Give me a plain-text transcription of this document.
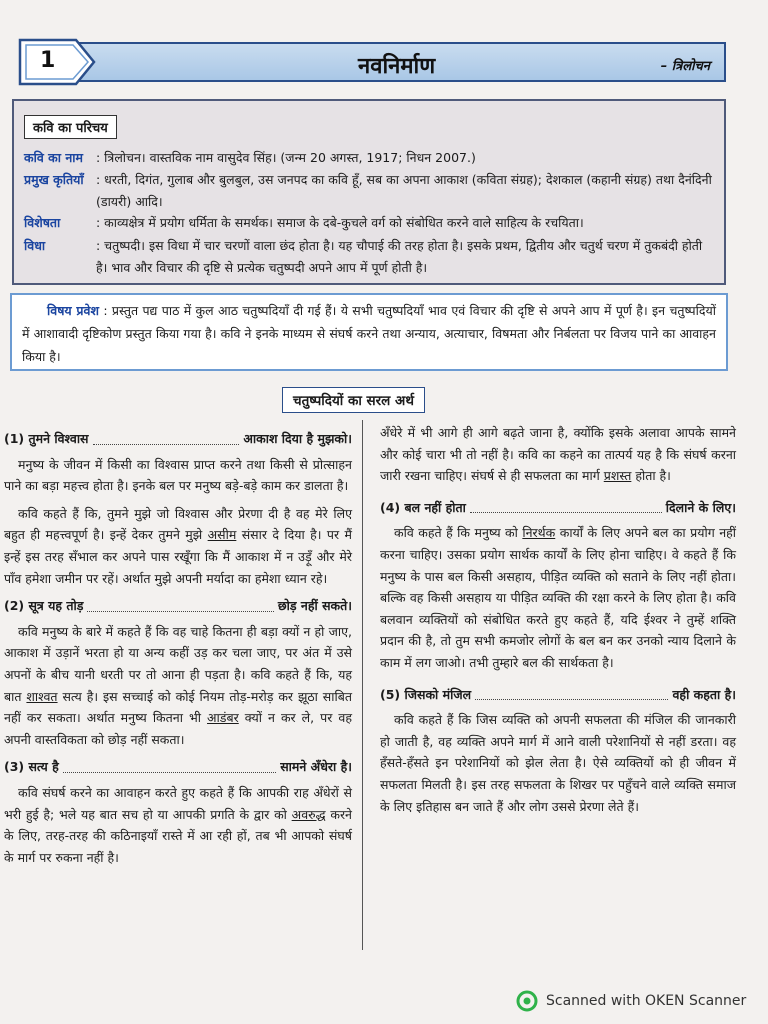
नवनिर्माण	– त्रिलोचन
1
कवि का परिचय
कवि का नाम : त्रिलोचन। वास्तविक नाम वासुदेव सिंह। (जन्म 20 अगस्त, 1917; निधन 2007.)
प्रमुख कृतियाँ : धरती, दिगंत, गुलाब और बुलबुल, उस जनपद का कवि हूँ, सब का अपना आकाश (कविता संग्रह); देशकाल (कहानी संग्रह) तथा दैनंदिनी (डायरी) आदि।
विशेषता	: काव्यक्षेत्र में प्रयोग धर्मिता के समर्थक। समाज के दबे-कुचले वर्ग को संबोधित करने वाले साहित्य के रचयिता।
विधा	: चतुष्पदी। इस विधा में चार चरणों वाला छंद होता है। यह चौपाई की तरह होता है। इसके प्रथम, द्वितीय और चतुर्थ चरण में तुकबंदी होती है। भाव और विचार की दृष्टि से प्रत्येक चतुष्पदी अपने आप में पूर्ण होती है।

  विषय प्रवेश : प्रस्तुत पद्य पाठ में कुल आठ चतुष्पदियाँ दी गई हैं। ये सभी चतुष्पदियाँ भाव एवं विचार की दृष्टि से अपने आप में पूर्ण है। इन चतुष्पदियों में आशावादी दृष्टिकोण प्रस्तुत किया गया है। कवि ने इनके माध्यम से संघर्ष करने तथा अन्याय, अत्याचार, विषमता और निर्बलता पर विजय पाने का आवाहन किया है।

चतुष्पदियों का सरल अर्थ
(1) तुमने विश्वास	आकाश दिया है मुझको।

मनुष्य के जीवन में किसी का विश्वास प्राप्त करने तथा किसी से प्रोत्साहन पाने का बड़ा महत्त्व होता है। इनके बल पर मनुष्य बड़े-बड़े काम कर डालता है।

कवि कहते हैं कि, तुमने मुझे जो विश्वास और प्रेरणा दी है वह मेरे लिए बहुत ही महत्त्वपूर्ण है। इन्हें देकर तुमने मुझे असीम संसार दे दिया है। पर मैं इन्हें इस तरह सँभाल कर अपने पास रखूँगा कि मैं आकाश में न उड़ूँ और मेरे पाँव हमेशा जमीन पर रहें। अर्थात मुझे अपनी मर्यादा का हमेशा ध्यान रहे।

(2) सूत्र यह तोड़	छोड़ नहीं सकते।

कवि मनुष्य के बारे में कहते हैं कि वह चाहे कितना ही बड़ा क्यों न हो जाए, आकाश में उड़ानें भरता हो या अन्य कहीं उड़ कर चला जाए, पर अंत में उसे अपनों के बीच यानी धरती पर तो आना ही पड़ता है। कवि कहते हैं कि, यह बात शाश्वत सत्य है। इस सच्चाई को कोई नियम तोड़-मरोड़ कर झूठा साबित नहीं कर सकता। अर्थात मनुष्य कितना भी आडंबर क्यों न कर ले, पर वह अपनी वास्तविकता को छोड़ नहीं सकता।

(3) सत्य है	सामने अँधेरा है।

कवि संघर्ष करने का आवाहन करते हुए कहते हैं कि आपकी राह अँधेरों से भरी हुई है; भले यह बात सच हो या आपकी प्रगति के द्वार को अवरुद्ध करने के लिए, तरह-तरह की कठिनाइयाँ रास्ते में आ रही हों, तब भी आपको संघर्ष के मार्ग पर रुकना नहीं है।

अँधेरे में भी आगे ही आगे बढ़ते जाना है, क्योंकि इसके अलावा आपके सामने और कोई चारा भी तो नहीं है। कवि का कहने का तात्पर्य यह है कि संघर्ष करना जारी रखना चाहिए। संघर्ष से ही सफलता का मार्ग प्रशस्त होता है।

(4) बल नहीं होता	दिलाने के लिए।

कवि कहते हैं कि मनुष्य को निरर्थक कार्यों के लिए अपने बल का प्रयोग नहीं करना चाहिए। उसका प्रयोग सार्थक कार्यों के लिए होना चाहिए। वे कहते हैं कि मनुष्य के पास बल किसी असहाय, पीड़ित व्यक्ति को सताने के लिए नहीं होता। बल्कि वह किसी असहाय या पीड़ित व्यक्ति की रक्षा करने के लिए होता है। कवि बलवान व्यक्तियों को संबोधित करते हुए कहते हैं, यदि ईश्वर ने तुम्हें शक्ति प्रदान की है, तो तुम सभी कमजोर लोगों के बल बन कर उनको न्याय दिलाने के काम में लग जाओ। तभी तुम्हारे बल की सार्थकता है।

(5) जिसको मंजिल	वही कहता है।

कवि कहते हैं कि जिस व्यक्ति को अपनी सफलता की मंजिल की जानकारी हो जाती है, वह व्यक्ति अपने मार्ग में आने वाली परेशानियों से नहीं डरता। वह हँसते-हँसते इन परेशानियों को झेल लेता है। ऐसे व्यक्तियों को ही जीवन में सफलता मिलती है। इस तरह सफलता के शिखर पर पहुँचने वाले व्यक्ति समाज के लिए इतिहास बन जाते हैं और लोग उससे प्रेरणा लेते हैं।

Scanned with OKEN Scanner
